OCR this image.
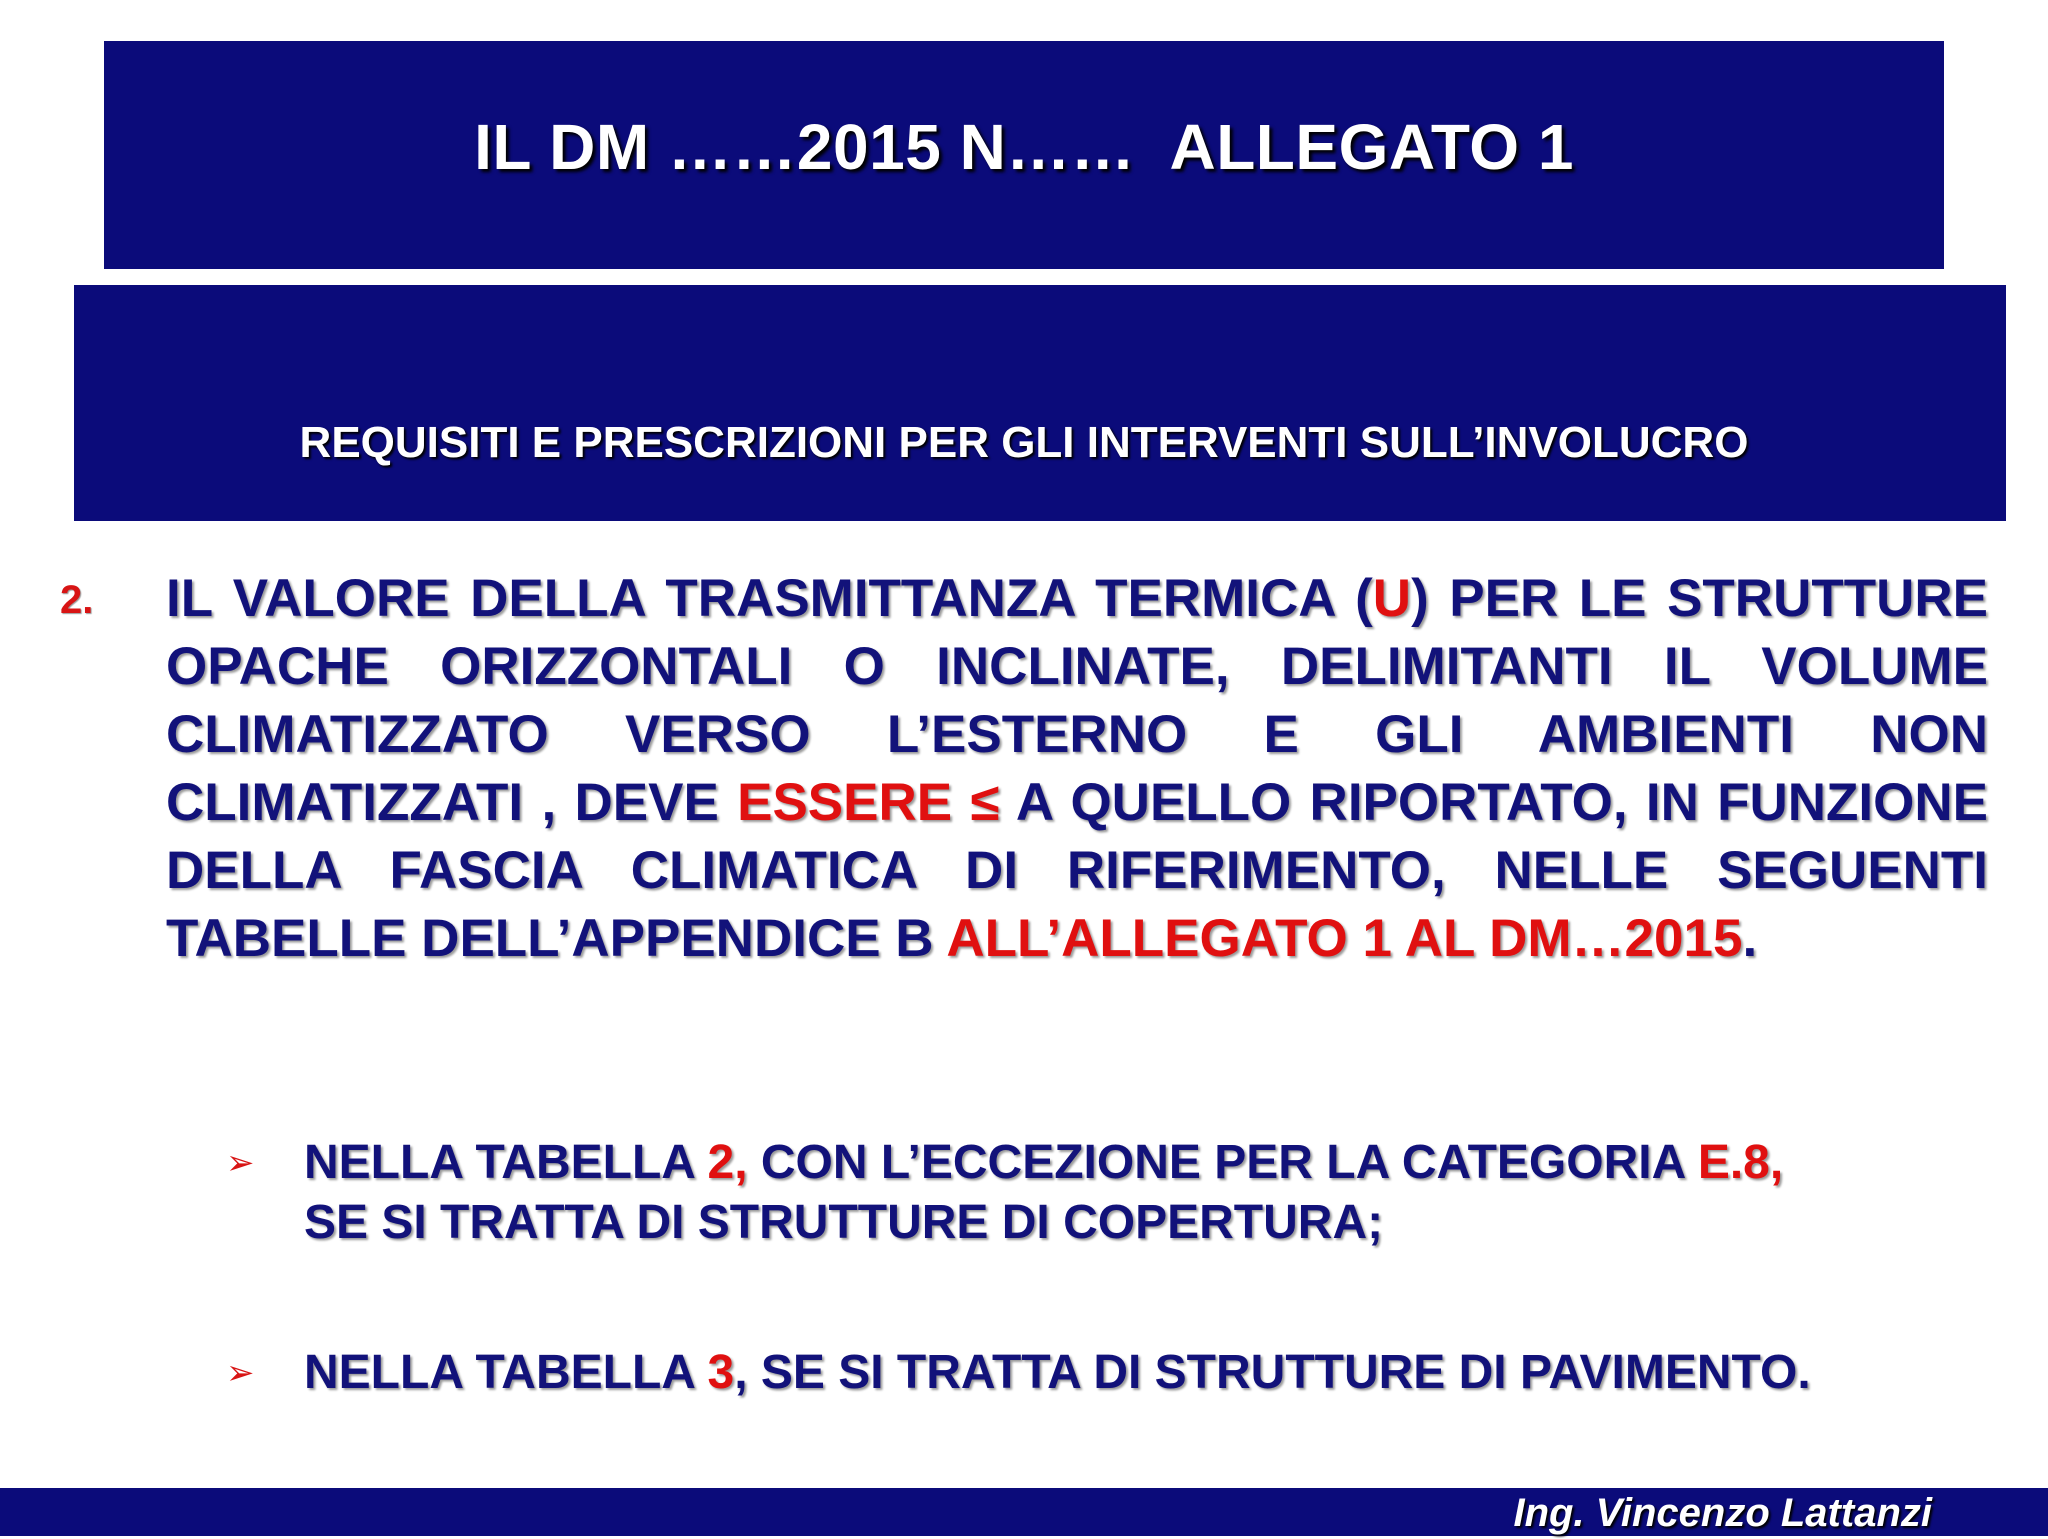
IL DM ……2015 N……  ALLEGATO 1
REQUISITI E PRESCRIZIONI PER GLI INTERVENTI SULL’INVOLUCRO
2. IL VALORE DELLA TRASMITTANZA TERMICA (U) PER LE STRUTTURE OPACHE ORIZZONTALI O INCLINATE, DELIMITANTI IL VOLUME CLIMATIZZATO VERSO L’ESTERNO E GLI AMBIENTI NON CLIMATIZZATI , DEVE ESSERE ≤ A QUELLO RIPORTATO, IN FUNZIONE DELLA FASCIA CLIMATICA DI RIFERIMENTO, NELLE SEGUENTI TABELLE DELL’APPENDICE B ALL’ALLEGATO 1 AL DM…2015.
➢ NELLA TABELLA 2, CON L’ECCEZIONE PER LA CATEGORIA E.8,
SE SI TRATTA DI STRUTTURE DI COPERTURA;
➢ NELLA TABELLA 3, SE SI TRATTA DI STRUTTURE DI PAVIMENTO.
Ing. Vincenzo Lattanzi
